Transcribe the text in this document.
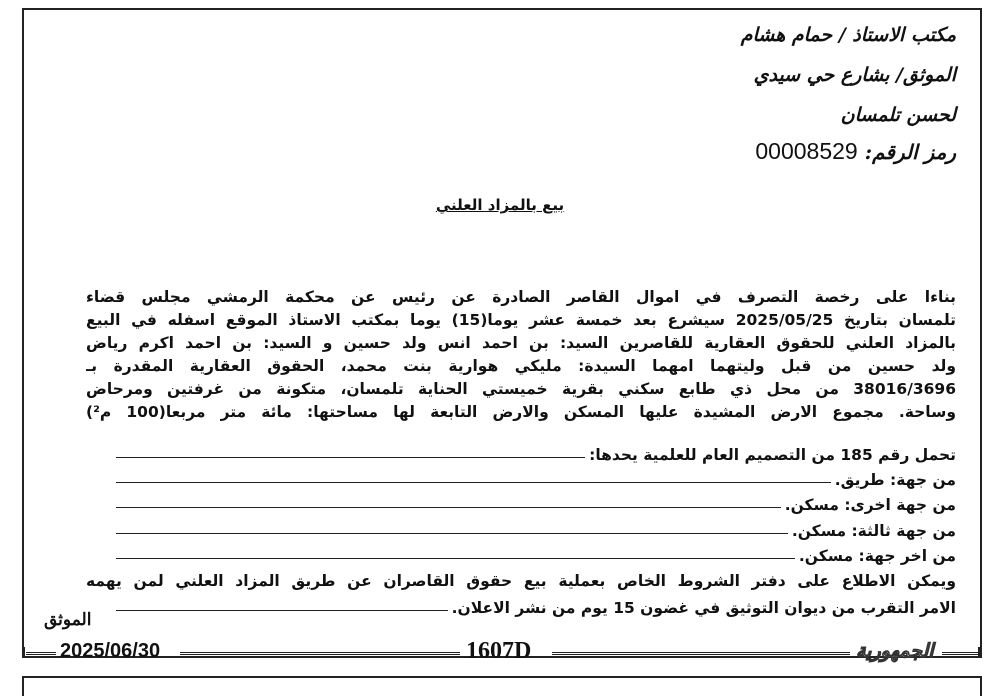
مكتب الاستاذ / حمام هشام
الموثق/ بشارع حي سيدي
لحسن تلمسان
رمز الرقم: 00008529
بيع بالمزاد العلني
بناءا على رخصة التصرف في اموال القاصر الصادرة عن رئيس عن محكمة الرمشي مجلس قضاء
تلمسان بتاريخ 2025/05/25 سيشرع بعد خمسة عشر يوما(15) يوما بمكتب الاستاذ الموقع اسفله في البيع
بالمزاد العلني للحقوق العقارية للقاصرين السيد: بن احمد انس ولد حسين و السيد: بن احمد اكرم رياض
ولد حسين من قبل وليتهما امهما السيدة: مليكي هوارية بنت محمد، الحقوق العقارية المقدرة بـ
38016/3696 من محل ذي طابع سكني بقرية خميستي الحناية تلمسان، متكونة من غرفتين ومرحاض
وساحة. مجموع الارض المشيدة عليها المسكن والارض التابعة لها مساحتها: مائة متر مربعا(100 م²)
تحمل رقم 185 من التصميم العام للعلمية يحدها:
من جهة: طريق.
من جهة اخرى: مسكن.
من جهة ثالثة: مسكن.
من اخر جهة: مسكن.
ويمكن الاطلاع على دفتر الشروط الخاص بعملية بيع حقوق القاصران عن طريق المزاد العلني لمن يهمه
الامر التقرب من ديوان التوثيق في غضون 15 يوم من نشر الاعلان.
الموثق
2025/06/30	1607D	الجمهورية
